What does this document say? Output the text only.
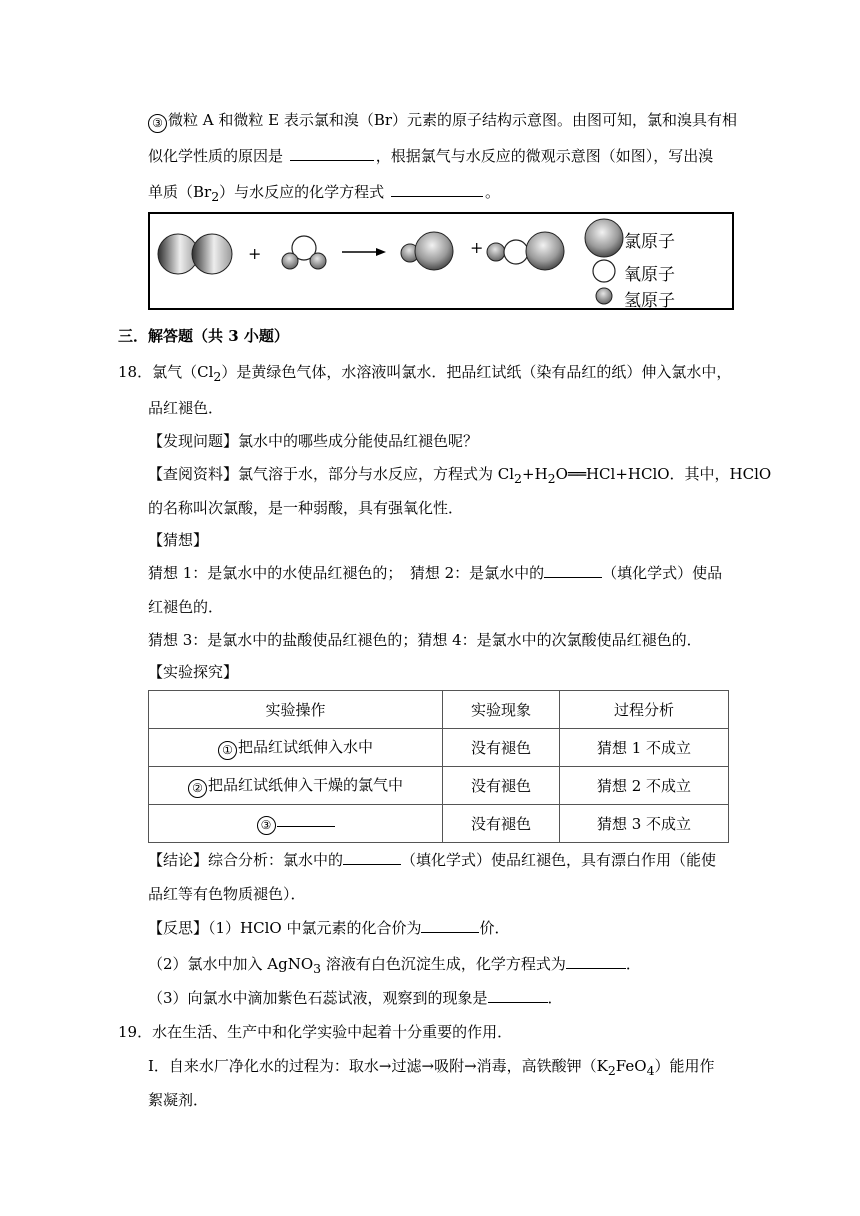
③ 微粒 A 和微粒 E 表示氯和溴（Br）元素的原子结构示意图。由图可知，氯和溴具有相
似化学性质的原因是	，根据氯气与水反应的微观示意图（如图），写出溴
单质$(Br_2)$与水反应的化学方程式	。
+	+	氯原子
氧原子
氢原子
三．解答题（共 3 小题）
18．氯气$(Cl_2)$是黄绿色气体，水溶液叫氯水．把品红试纸（染有品红的纸）伸入氯水中，
品红褪色．
【发现问题】氯水中的哪些成分能使品红褪色呢？
【查阅资料】氯气溶于水，部分与水反应，方程式为 $Cl_2+H_2O══HCl+HClO$．其中，HClO
的名称叫次氯酸，是一种弱酸，具有强氧化性．
【猜想】
猜想 1：是氯水中的水使品红褪色的；　猜想 2：是氯水中的	（填化学式）使品
红褪色的．
猜想 3：是氯水中的盐酸使品红褪色的；猜想 4：是氯水中的次氯酸使品红褪色的．
【实验探究】
实验操作	实验现象	过程分析
① 把品红试纸伸入水中	没有褪色	猜想 1 不成立
② 把品红试纸伸入干燥的氯气中	没有褪色	猜想 2 不成立
③	没有褪色	猜想 3 不成立
【结论】综合分析：氯水中的	（填化学式）使品红褪色，具有漂白作用（能使
品红等有色物质褪色）．
【反思】（1）HClO 中氯元素的化合价为	价．
（2）氯水中加入 AgNO$_3$ 溶液有白色沉淀生成，化学方程式为	．
（3）向氯水中滴加紫色石蕊试液，观察到的现象是	．
19．水在生活、生产中和化学实验中起着十分重要的作用．
Ⅰ．自来水厂净化水的过程为：取水→过滤→吸附→消毒，高铁酸钾$(K_2FeO_4)$能用作
絮凝剂．
